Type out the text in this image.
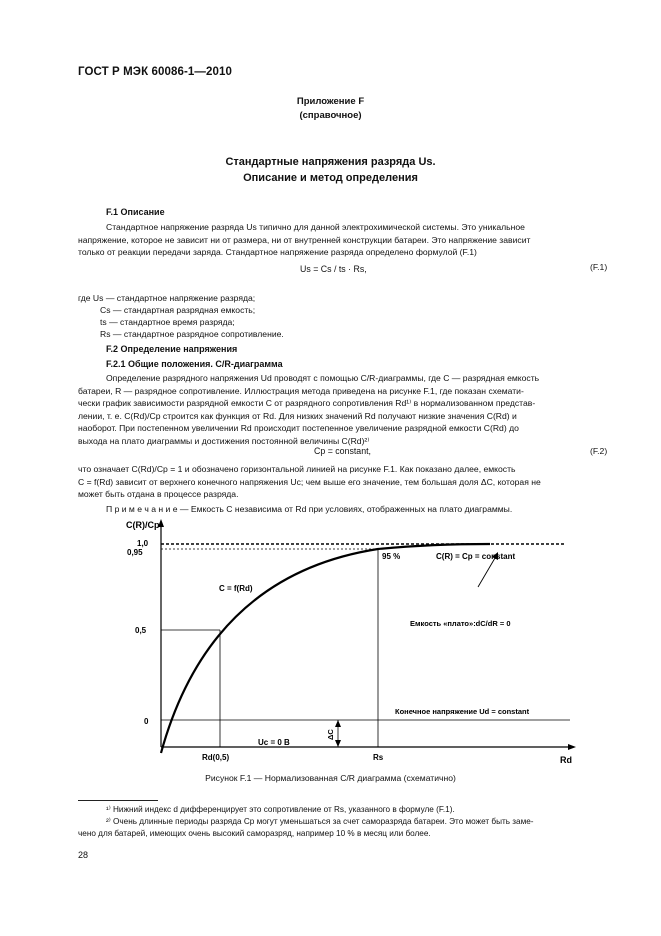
ГОСТ Р МЭК 60086-1—2010
Приложение F
(справочное)
Стандартные напряжения разряда Us.
Описание и метод определения
F.1 Описание
Стандартное напряжение разряда Us типично для данной электрохимической системы. Это уникальное
напряжение, которое не зависит ни от размера, ни от внутренней конструкции батареи. Это напряжение зависит
только от реакции передачи заряда. Стандартное напряжение разряда определено формулой (F.1)
Us = Cs / ts · Rs,	(F.1)
где Us — стандартное напряжение разряда;
Cs — стандартная разрядная емкость;
ts — стандартное время разряда;
Rs — стандартное разрядное сопротивление.
F.2 Определение напряжения
F.2.1 Общие положения. C/R-диаграмма
Определение разрядного напряжения Ud проводят с помощью C/R-диаграммы, где C — разрядная емкость
батареи, R — разрядное сопротивление. Иллюстрация метода приведена на рисунке F.1, где показан схемати-
чески график зависимости разрядной емкости C от разрядного сопротивления Rd¹⁾ в нормализованном представ-
лении, т. е. C(Rd)/Cp строится как функция от Rd. Для низких значений Rd получают низкие значения C(Rd) и
наоборот. При постепенном увеличении Rd происходит постепенное увеличение разрядной емкости C(Rd) до
выхода на плато диаграммы и достижения постоянной величины C(Rd)²⁾
Cp = constant,	(F.2)
что означает C(Rd)/Cp = 1 и обозначено горизонтальной линией на рисунке F.1. Как показано далее, емкость
C = f(Rd) зависит от верхнего конечного напряжения Uc; чем выше его значение, тем большая доля ΔC, которая не
может быть отдана в процессе разряда.
П р и м е ч а н и е — Емкость C независима от Rd при условиях, отображенных на плато диаграммы.
C(R)/Cp
1,0
0,95
0,5
0
Rd(0,5)	Rs	Rd
C = f(Rd)
95 %	C(R) = Cp = constant
Емкость «плато»:dC/dR = 0
Конечное напряжение Ud = constant
Uc = 0 В
ΔC
Рисунок F.1 — Нормализованная C/R диаграмма (схематично)
¹⁾ Нижний индекс d дифференцирует это сопротивление от Rs, указанного в формуле (F.1).
²⁾ Очень длинные периоды разряда Cp могут уменьшаться за счет саморазряда батареи. Это может быть заме-
чено для батарей, имеющих очень высокий саморазряд, например 10 % в месяц или более.
28
